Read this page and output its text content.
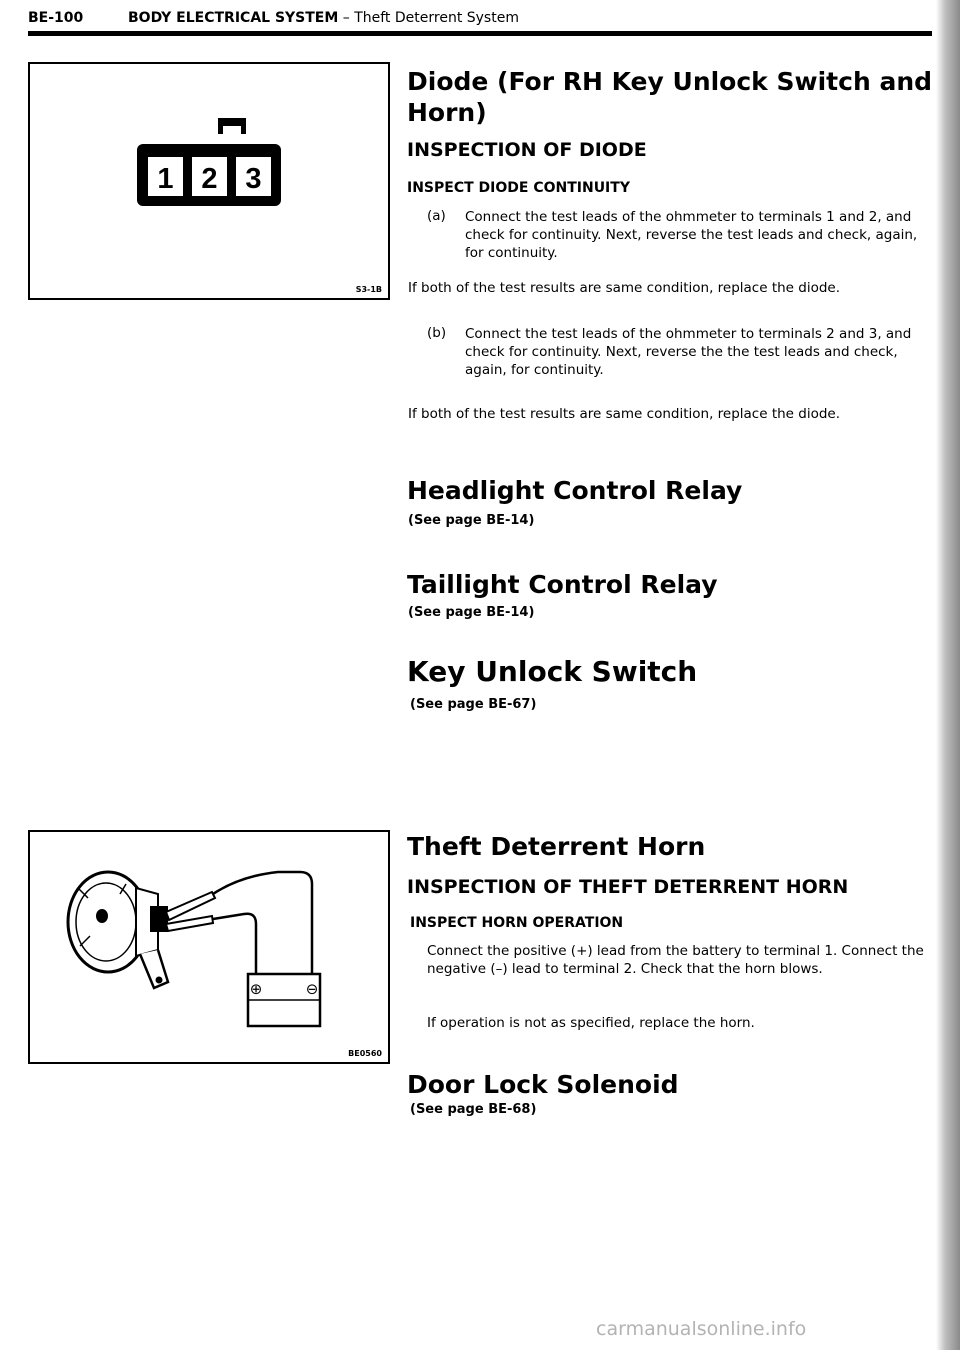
BE-100	BODY ELECTRICAL SYSTEM – Theft Deterrent System
1 2 3
S3-1B
Diode (For RH Key Unlock Switch and
Horn)
INSPECTION OF DIODE
INSPECT DIODE CONTINUITY
(a) Connect the test leads of the ohmmeter to terminals 1 and 2, and check for continuity. Next, reverse the test leads and check, again, for continuity.
If both of the test results are same condition, replace the diode.
(b) Connect the test leads of the ohmmeter to terminals 2 and 3, and check for continuity. Next, reverse the the test leads and check, again, for continuity.
If both of the test results are same condition, replace the diode.
Headlight Control Relay
(See page BE-14)
Taillight Control Relay
(See page BE-14)
Key Unlock Switch
(See page BE-67)
⊕	⊖
BE0560
Theft Deterrent Horn
INSPECTION OF THEFT DETERRENT HORN
INSPECT HORN OPERATION
Connect the positive (+) lead from the battery to terminal 1. Connect the negative (–) lead to terminal 2. Check that the horn blows.
If operation is not as specified, replace the horn.
Door Lock Solenoid
(See page BE-68)
carmanualsonline.info
